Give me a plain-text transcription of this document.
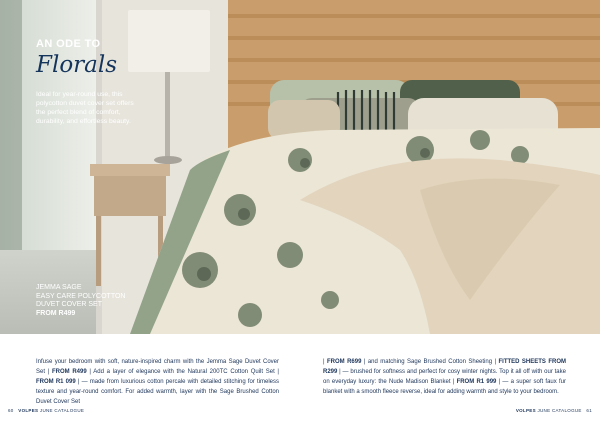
AN ODE TO
Florals
Ideal for year-round use, this polycotton duvet cover set offers the perfect blend of comfort, durability, and effortless beauty.
JEMMA SAGE
EASY CARE POLYCOTTON
DUVET COVER SET
FROM R499
Infuse your bedroom with soft, nature-inspired charm with the Jemma Sage Duvet Cover Set | FROM R499 | Add a layer of elegance with the Natural 200TC Cotton Quilt Set | FROM R1 099 | — made from luxurious cotton percale with detailed stitching for timeless texture and year-round comfort. For added warmth, layer with the Sage Brushed Cotton Duvet Cover Set
| FROM R699 | and matching Sage Brushed Cotton Sheeting | FITTED SHEETS FROM R299 | — brushed for softness and perfect for cosy winter nights. Top it all off with our take on everyday luxury: the Nude Madison Blanket | FROM R1 999 | — a super soft faux fur blanket with a smooth fleece reverse, ideal for adding warmth and style to your bedroom.
60 VOLPES JUNE CATALOGUE	VOLPES JUNE CATALOGUE 61
